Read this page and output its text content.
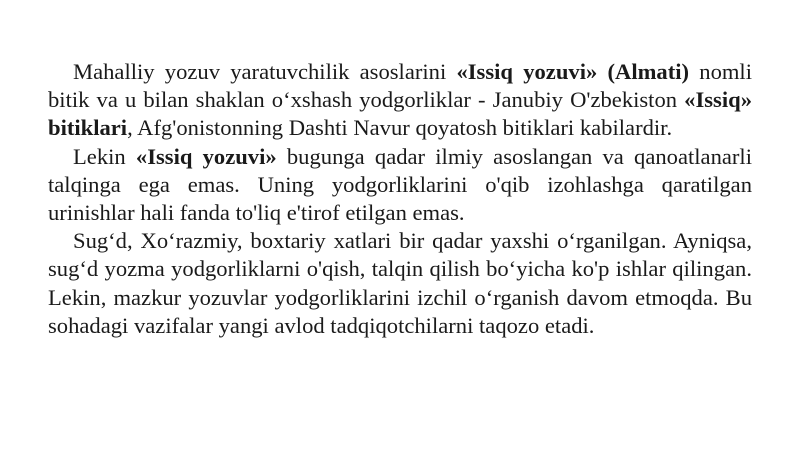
Mahalliy yozuv yaratuvchilik asoslarini «Issiq yozuvi» (Almati) nomli bitik va u bilan shaklan o‘xshash yodgorliklar - Janubiy O'zbekiston «Issiq» bitiklari, Afg'onistonning Dashti Navur qoyatosh bitiklari kabilardir.

Lekin «Issiq yozuvi» bugunga qadar ilmiy asoslangan va qanoatlanarli talqinga ega emas. Uning yodgorliklarini o'qib izohlashga qaratilgan urinishlar hali fanda to'liq e'tirof etilgan emas.

Sug‘d, Xo‘razmiy, boxtariy xatlari bir qadar yaxshi o‘rganilgan. Ayniqsa, sug‘d yozma yodgorliklarni o'qish, talqin qilish bo‘yicha ko'p ishlar qilingan. Lekin, mazkur yozuvlar yodgorliklarini izchil o‘rganish davom etmoqda. Bu sohadagi vazifalar yangi avlod tadqiqotchilarni taqozo etadi.
